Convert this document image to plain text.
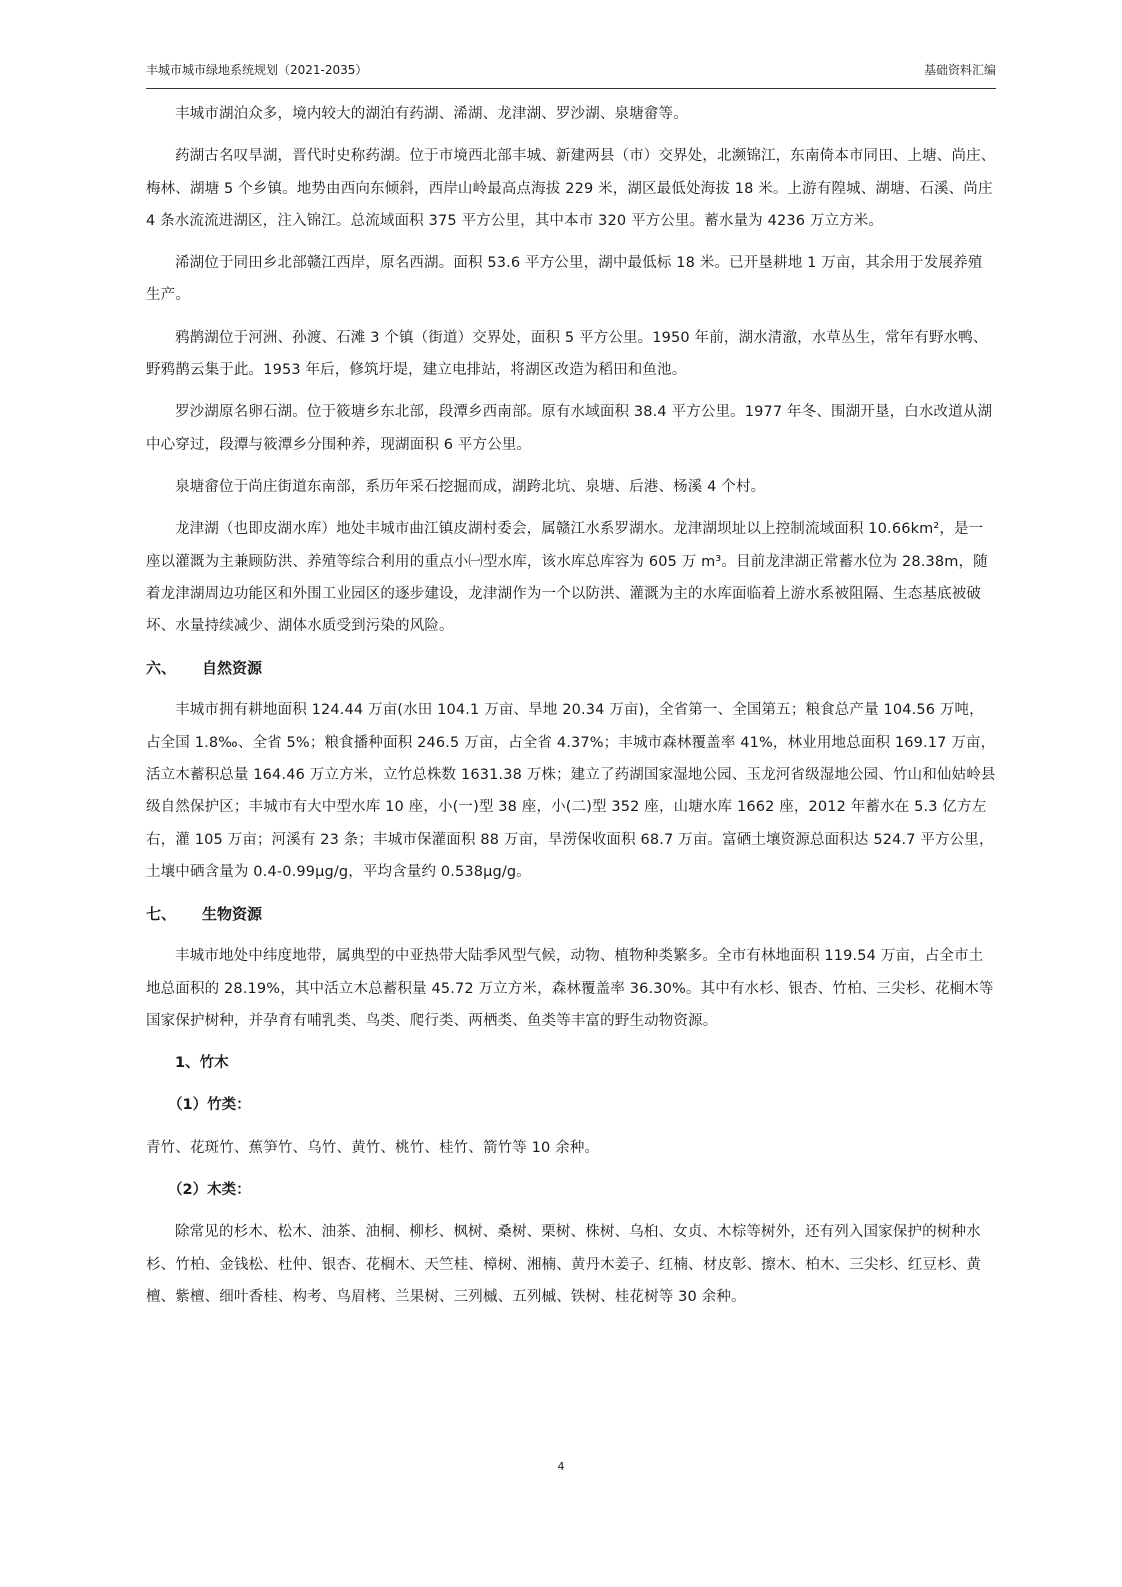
丰城市城市绿地系统规划（2021-2035）	基础资料汇编

丰城市湖泊众多，境内较大的湖泊有药湖、浠湖、龙津湖、罗沙湖、泉塘畲等。

药湖古名叹旱湖，晋代时史称药湖。位于市境西北部丰城、新建两县（市）交界处，北濒锦江，东南倚本市同田、上塘、尚庄、梅林、湖塘 5 个乡镇。地势由西向东倾斜，西岸山岭最高点海拔 229 米，湖区最低处海拔 18 米。上游有隍城、湖塘、石溪、尚庄 4 条水流流进湖区，注入锦江。总流域面积 375 平方公里，其中本市 320 平方公里。蓄水量为 4236 万立方米。

浠湖位于同田乡北部赣江西岸，原名西湖。面积 53.6 平方公里，湖中最低标 18 米。已开垦耕地 1 万亩，其余用于发展养殖生产。

鸦鹊湖位于河洲、孙渡、石滩 3 个镇（街道）交界处，面积 5 平方公里。1950 年前，湖水清澈，水草丛生，常年有野水鸭、野鸦鹊云集于此。1953 年后，修筑圩堤，建立电排站，将湖区改造为稻田和鱼池。

罗沙湖原名卵石湖。位于筱塘乡东北部，段潭乡西南部。原有水域面积 38.4 平方公里。1977 年冬、围湖开垦，白水改道从湖中心穿过，段潭与筱潭乡分围种养，现湖面积 6 平方公里。

泉塘畲位于尚庄街道东南部，系历年采石挖掘而成，湖跨北坑、泉塘、后港、杨溪 4 个村。

龙津湖（也即皮湖水库）地处丰城市曲江镇皮湖村委会，属赣江水系罗湖水。龙津湖坝址以上控制流域面积 10.66km²，是一座以灌溉为主兼顾防洪、养殖等综合利用的重点小㈠型水库，该水库总库容为 605 万 m³。目前龙津湖正常蓄水位为 28.38m，随着龙津湖周边功能区和外围工业园区的逐步建设，龙津湖作为一个以防洪、灌溉为主的水库面临着上游水系被阻隔、生态基底被破坏、水量持续减少、湖体水质受到污染的风险。

六、 自然资源

丰城市拥有耕地面积 124.44 万亩(水田 104.1 万亩、旱地 20.34 万亩)，全省第一、全国第五；粮食总产量 104.56 万吨，占全国 1.8‰、全省 5%；粮食播种面积 246.5 万亩，占全省 4.37%；丰城市森林覆盖率 41%，林业用地总面积 169.17 万亩，活立木蓄积总量 164.46 万立方米，立竹总株数 1631.38 万株；建立了药湖国家湿地公园、玉龙河省级湿地公园、竹山和仙姑岭县级自然保护区；丰城市有大中型水库 10 座，小(一)型 38 座，小(二)型 352 座，山塘水库 1662 座，2012 年蓄水在 5.3 亿方左右，灌 105 万亩；河溪有 23 条；丰城市保灌面积 88 万亩，旱涝保收面积 68.7 万亩。富硒土壤资源总面积达 524.7 平方公里，土壤中硒含量为 0.4-0.99μg/g，平均含量约 0.538μg/g。

七、 生物资源

丰城市地处中纬度地带，属典型的中亚热带大陆季风型气候，动物、植物种类繁多。全市有林地面积 119.54 万亩，占全市土地总面积的 28.19%，其中活立木总蓄积量 45.72 万立方米，森林覆盖率 36.30%。其中有水杉、银杏、竹柏、三尖杉、花榈木等国家保护树种，并孕育有哺乳类、鸟类、爬行类、两栖类、鱼类等丰富的野生动物资源。

1、竹木
（1）竹类：

青竹、花斑竹、蕉笋竹、乌竹、黄竹、桃竹、桂竹、箭竹等 10 余种。

（2）木类：

除常见的杉木、松木、油茶、油桐、柳杉、枫树、桑树、栗树、株树、乌桕、女贞、木棕等树外，还有列入国家保护的树种水杉、竹柏、金钱松、杜仲、银杏、花榈木、天竺桂、樟树、湘楠、黄丹木姜子、红楠、材皮彰、擦木、柏木、三尖杉、红豆杉、黄檀、紫檀、细叶香桂、构考、鸟眉栲、兰果树、三列槭、五列槭、铁树、桂花树等 30 余种。

4
